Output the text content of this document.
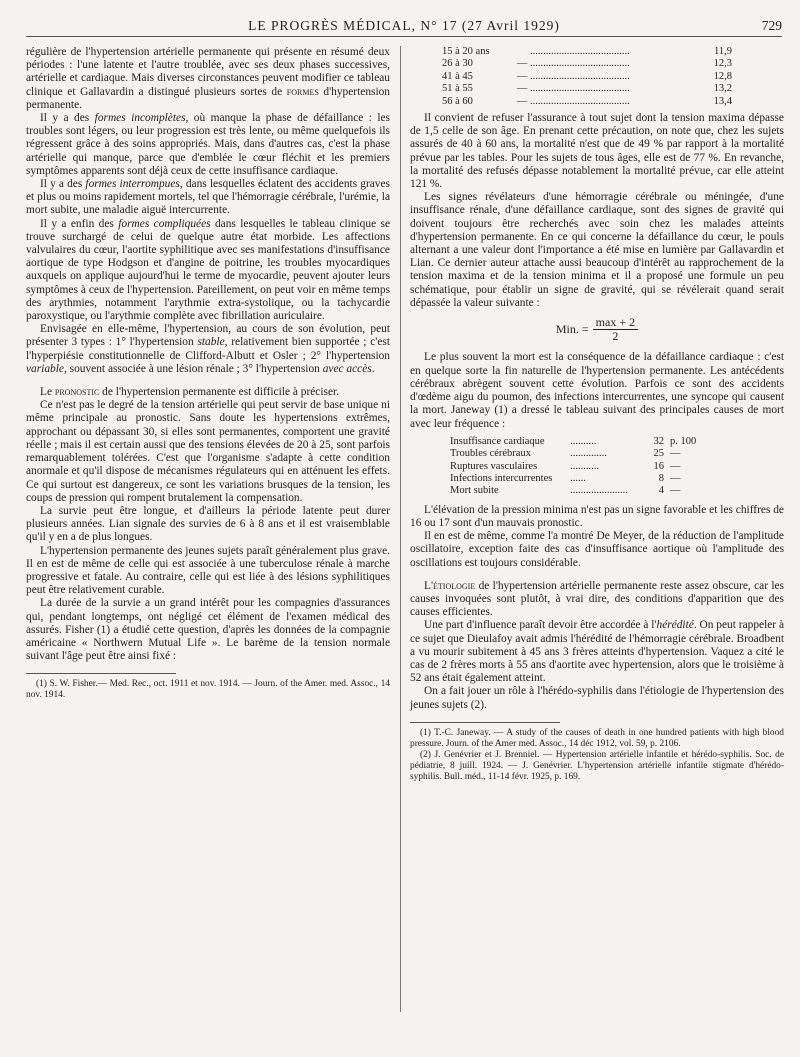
LE PROGRÈS MÉDICAL, N° 17 (27 Avril 1929)	729

régulière de l'hypertension artérielle permanente qui présente en résumé deux périodes : l'une latente et l'autre troublée, avec ses deux phases successives, artérielle et cardiaque. Mais diverses circonstances peuvent modifier ce tableau clinique et Gallavardin a distingué plusieurs sortes de formes d'hypertension permanente.

Il y a des formes incomplètes, où manque la phase de défaillance : les troubles sont légers, ou leur progression est très lente, ou même quelquefois ils régressent grâce à des soins appropriés. Mais, dans d'autres cas, c'est la phase artérielle qui manque, parce que d'emblée le cœur fléchit et les premiers symptômes apparents sont déjà ceux de cette insuffisance cardiaque.

Il y a des formes interrompues, dans lesquelles éclatent des accidents graves et plus ou moins rapidement mortels, tel que l'hémorragie cérébrale, l'urémie, la mort subite, une maladie aiguë intercurrente.

Il y a enfin des formes compliquées dans lesquelles le tableau clinique se trouve surchargé de celui de quelque autre état morbide. Les affections valvulaires du cœur, l'aortite syphilitique avec ses manifestations d'insuffisance aortique de type Hodgson et d'angine de poitrine, les troubles myocardiques auxquels on applique aujourd'hui le terme de myocardie, peuvent ajouter leurs symptômes à ceux de l'hypertension. Pareillement, on peut voir en même temps des arythmies, notamment l'arythmie extra-systolique, ou la tachycardie paroxystique, ou l'arythmie complète avec fibrillation auriculaire.

Envisagée en elle-même, l'hypertension, au cours de son évolution, peut présenter 3 types : 1° l'hypertension stable, relativement bien supportée ; c'est l'hyperpiésie constitutionnelle de Clifford-Albutt et Osler ; 2° l'hypertension variable, souvent associée à une lésion rénale ; 3° l'hypertension avec accès.

Le pronostic de l'hypertension permanente est difficile à préciser.

Ce n'est pas le degré de la tension artérielle qui peut servir de base unique ni même principale au pronostic. Sans doute les hypertensions extrêmes, approchant ou dépassant 30, si elles sont permanentes, comportent une gravité réelle ; mais il est certain aussi que des tensions élevées de 20 à 25, sont parfois remarquablement tolérées. C'est que l'organisme s'adapte à cette condition anormale et qu'il dispose de mécanismes régulateurs qui en atténuent les effets. Ce qui surtout est dangereux, ce sont les variations brusques de la tension, les coups de pression qui rompent brutalement la compensation.

La survie peut être longue, et d'ailleurs la période latente peut durer plusieurs années. Lian signale des survies de 6 à 8 ans et il est vraisemblable qu'il y en a de plus longues.

L'hypertension permanente des jeunes sujets paraît généralement plus grave. Il en est de même de celle qui est associée à une tuberculose rénale à marche progressive et fatale. Au contraire, celle qui est liée à des lésions syphilitiques peut être relativement curable.

La durée de la survie a un grand intérêt pour les compagnies d'assurances qui, pendant longtemps, ont négligé cet élément de l'examen médical des assurés. Fisher (1) a étudié cette question, d'après les données de la compagnie américaine « Northwern Mutual Life ». Le barème de la tension normale suivant l'âge peut être ainsi fixé :

(1) S. W. Fisher.— Med. Rec., oct. 1911 et nov. 1914. — Journ. of the Amer. med. Assoc., 14 nov. 1914.

15 à 20 ans		......................................	11,9
26 à 30	—	......................................	12,3
41 à 45	—	......................................	12,8
51 à 55	—	......................................	13,2
56 à 60	—	......................................	13,4

Il convient de refuser l'assurance à tout sujet dont la tension maxima dépasse de 1,5 celle de son âge. En prenant cette précaution, on note que, chez les sujets assurés de 40 à 60 ans, la mortalité n'est que de 49 % par rapport à la mortalité prévue par les tables. Pour les sujets de tous âges, elle est de 77 %. En revanche, la mortalité des refusés dépasse notablement la mortalité prévue, car elle atteint 121 %.

Les signes révélateurs d'une hémorragie cérébrale ou méningée, d'une insuffisance rénale, d'une défaillance cardiaque, sont des signes de gravité qui doivent toujours être recherchés avec soin chez les malades atteints d'hypertension permanente. En ce qui concerne la défaillance du cœur, le pouls alternant a une valeur dont l'importance a été mise en lumière par Gallavardin et Lian. Ce dernier auteur attache aussi beaucoup d'intérêt au rapprochement de la tension maxima et de la tension minima et il a proposé une formule un peu schématique, pour établir un signe de gravité, qui se révélerait quand serait dépassée la valeur suivante :

Min. = $\frac{\max + 2}{2}$

Le plus souvent la mort est la conséquence de la défaillance cardiaque : c'est en quelque sorte la fin naturelle de l'hypertension permanente. Les antécédents cérébraux abrègent souvent cette évolution. Parfois ce sont des accidents d'œdème aigu du poumon, des infections intercurrentes, une syncope qui causent la mort. Janeway (1) a dressé le tableau suivant des principales causes de mort avec leur fréquence :

Insuffisance cardiaque	..........	32	p. 100
Troubles cérébraux	..............	25	—
Ruptures vasculaires	...........	16	—
Infections intercurrentes	......	8	—
Mort subite	......................	4	—

L'élévation de la pression minima n'est pas un signe favorable et les chiffres de 16 ou 17 sont d'un mauvais pronostic.

Il en est de même, comme l'a montré De Meyer, de la réduction de l'amplitude oscillatoire, exception faite des cas d'insuffisance aortique où l'amplitude des oscillations est toujours considérable.

L'étiologie de l'hypertension artérielle permanente reste assez obscure, car les causes invoquées sont plutôt, à vrai dire, des conditions d'apparition que des causes efficientes.

Une part d'influence paraît devoir être accordée à l'hérédité. On peut rappeler à ce sujet que Dieulafoy avait admis l'hérédité de l'hémorragie cérébrale. Broadbent a vu mourir subitement à 45 ans 3 frères atteints d'hypertension. Vaquez a cité le cas de 2 frères morts à 55 ans d'aortite avec hypertension, alors que le troisième à 52 ans était également atteint.

On a fait jouer un rôle à l'hérédo-syphilis dans l'étiologie de l'hypertension des jeunes sujets (2).

(1) T.-C. Janeway. — A study of the causes of death in one hundred patients with high blood pressure. Journ. of the Amer med. Assoc., 14 déc 1912, vol. 59, p. 2106.

(2) J. Genévrier et J. Brenniel. — Hypertension artérielle infantile et hérédo-syphilis. Soc. de pédiatrie, 8 juill. 1924. — J. Genévrier. L'hypertension artérielle infantile stigmate d'hérédo-syphilis. Bull. méd., 11-14 févr. 1925, p. 169.
